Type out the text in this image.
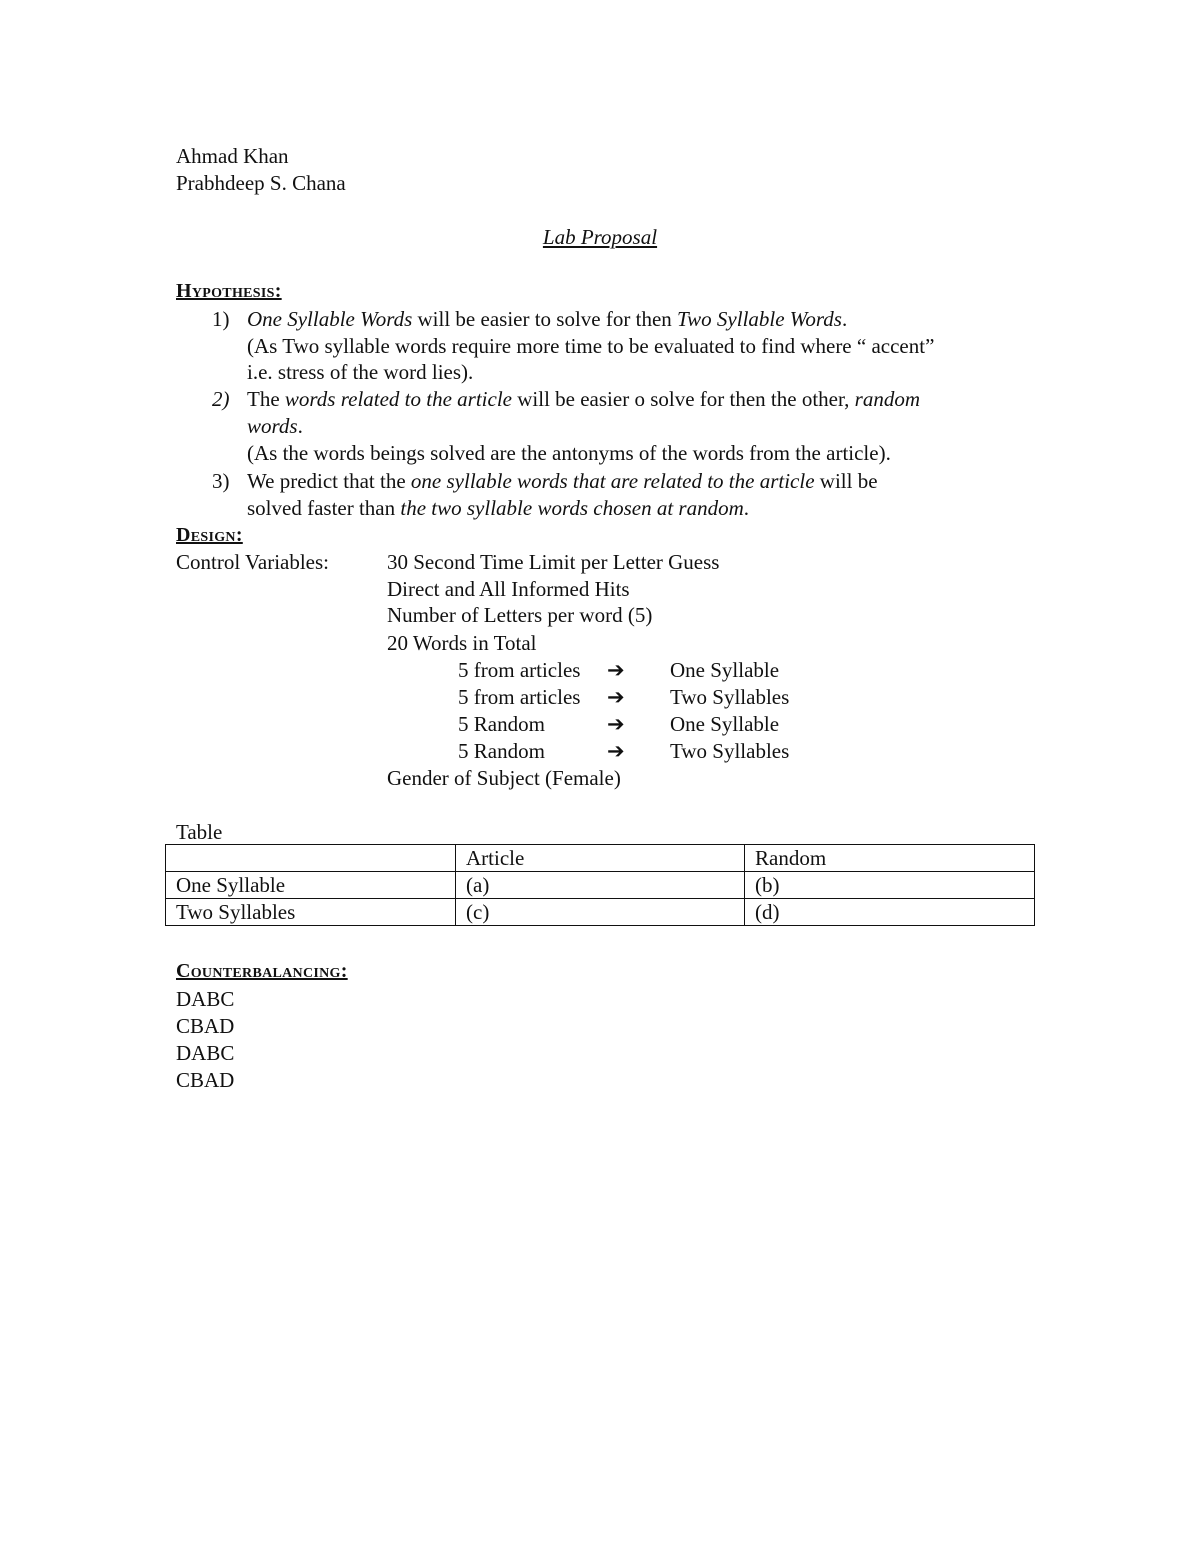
Ahmad Khan
Prabhdeep S. Chana
Lab Proposal
Hypothesis:
1) One Syllable Words will be easier to solve for then Two Syllable Words.
(As Two syllable words require more time to be evaluated to find where “ accent”
i.e. stress of the word lies).
2) The words related to the article will be easier o solve for then the other, random
words.
(As the words beings solved are the antonyms of the words from the article).
3) We predict that the one syllable words that are related to the article will be
solved faster than the two syllable words chosen at random.
Design:
Control Variables:	30 Second Time Limit per Letter Guess
Direct and All Informed Hits
Number of Letters per word (5)
20 Words in Total
5 from articles ➔ One Syllable
5 from articles ➔ Two Syllables
5 Random	➔ One Syllable
5 Random	➔ Two Syllables
Gender of Subject (Female)
Table
	Article	Random
One Syllable	(a)	(b)
Two Syllables	(c)	(d)
Counterbalancing:
DABC
CBAD
DABC
CBAD
